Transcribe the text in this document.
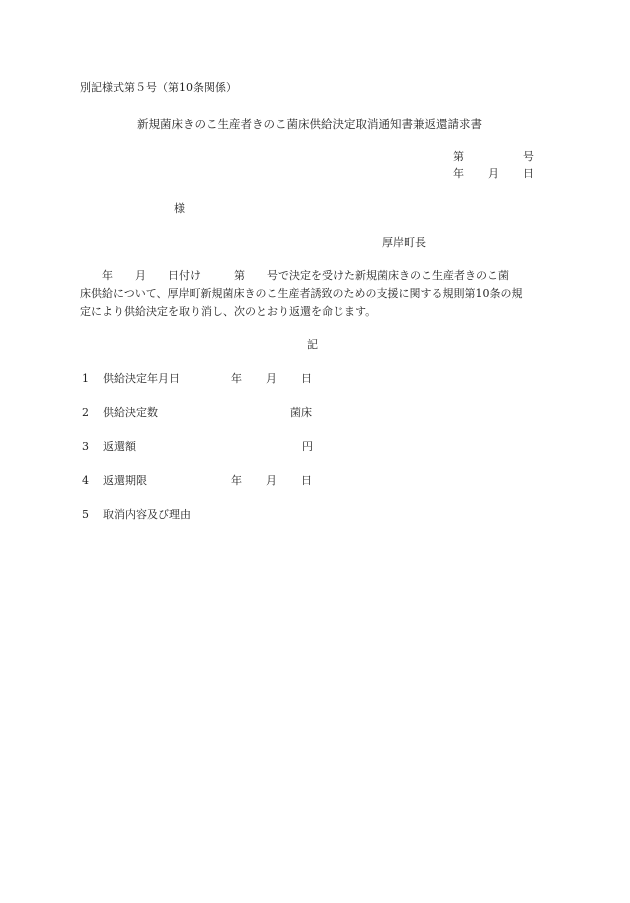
別記様式第５号（第10条関係）
新規菌床きのこ生産者きのこ菌床供給決定取消通知書兼返還請求書
第	号
年 月 日
様
厚岸町長
　　年　　月　　日付け　　　第　　号で決定を受けた新規菌床きのこ生産者きのこ菌
床供給について、厚岸町新規菌床きのこ生産者誘致のための支援に関する規則第10条の規
定により供給決定を取り消し、次のとおり返還を命じます。
記
1 供給決定年月日	年 月 日
2 供給決定数	菌床
3 返還額	円
4 返還期限	年 月 日
5 取消内容及び理由
